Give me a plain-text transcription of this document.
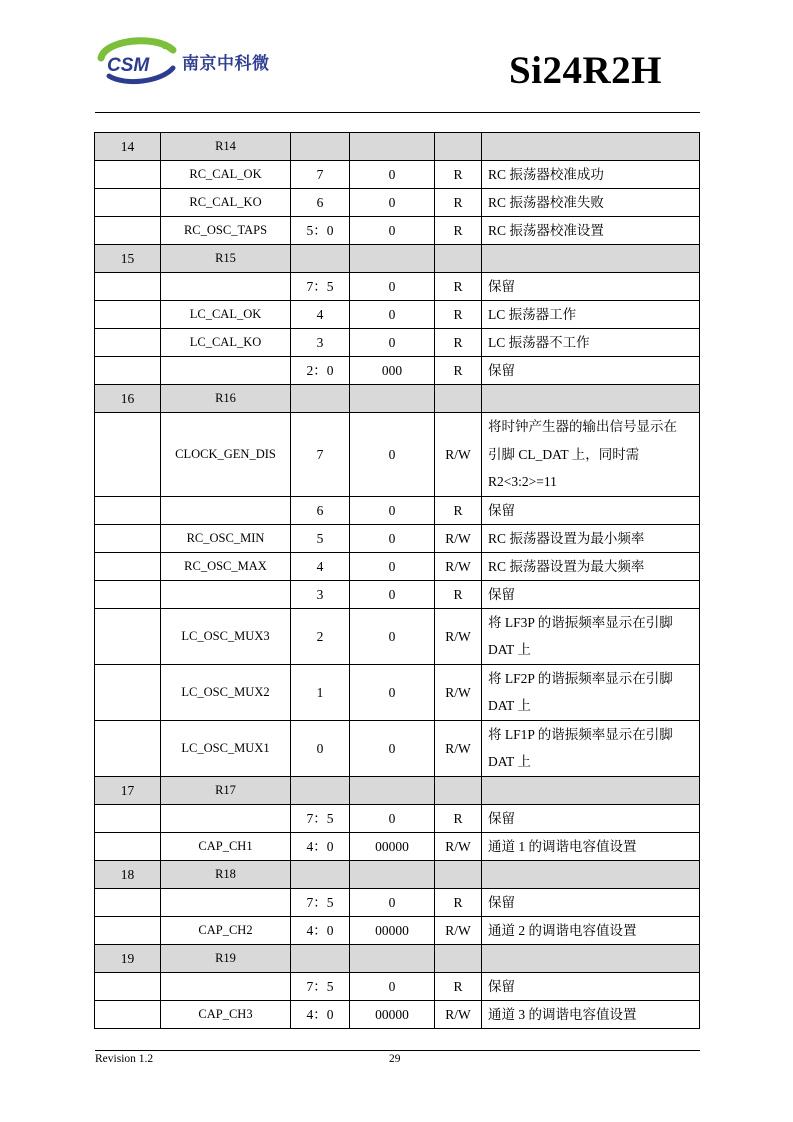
CSM 南京中科微	Si24R2H
14	R14				
	RC_CAL_OK	7	0	R	RC 振荡器校准成功
	RC_CAL_KO	6	0	R	RC 振荡器校准失败
	RC_OSC_TAPS	5：0	0	R	RC 振荡器校准设置
15	R15				
		7：5	0	R	保留
	LC_CAL_OK	4	0	R	LC 振荡器工作
	LC_CAL_KO	3	0	R	LC 振荡器不工作
		2：0	000	R	保留
16	R16				
	CLOCK_GEN_DIS	7	0	R/W	将时钟产生器的输出信号显示在
引脚 CL_DAT 上，同时需
R2<3:2>=11

		6	0	R	保留
	RC_OSC_MIN	5	0	R/W	RC 振荡器设置为最小频率
	RC_OSC_MAX	4	0	R/W	RC 振荡器设置为最大频率
		3	0	R	保留
	LC_OSC_MUX3	2	0	R/W	将 LF3P 的谐振频率显示在引脚
DAT 上

	LC_OSC_MUX2	1	0	R/W	将 LF2P 的谐振频率显示在引脚
DAT 上

	LC_OSC_MUX1	0	0	R/W	将 LF1P 的谐振频率显示在引脚
DAT 上

17	R17				
		7：5	0	R	保留
	CAP_CH1	4：0	00000	R/W	通道 1 的调谐电容值设置
18	R18				
		7：5	0	R	保留
	CAP_CH2	4：0	00000	R/W	通道 2 的调谐电容值设置
19	R19				
		7：5	0	R	保留
	CAP_CH3	4：0	00000	R/W	通道 3 的调谐电容值设置
Revision 1.2	29
